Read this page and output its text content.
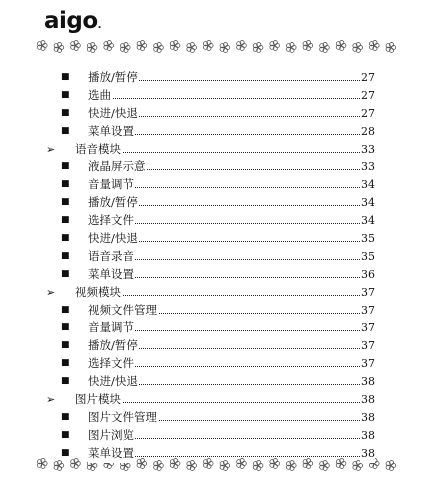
aigo.
■ 播放/暂停	27
■ 选曲	27
■ 快进/快退	27
■ 菜单设置	28
➢ 语音模块	33
■ 液晶屏示意	33
■ 音量调节	34
■ 播放/暂停	34
■ 选择文件	34
■ 快进/快退	35
■ 语音录音	35
■ 菜单设置	36
➢ 视频模块	37
■ 视频文件管理	37
■ 音量调节	37
■ 播放/暂停	37
■ 选择文件	37
■ 快进/快退	38
➢ 图片模块	38
■ 图片文件管理	38
■ 图片浏览	38
■ 菜单设置	38
